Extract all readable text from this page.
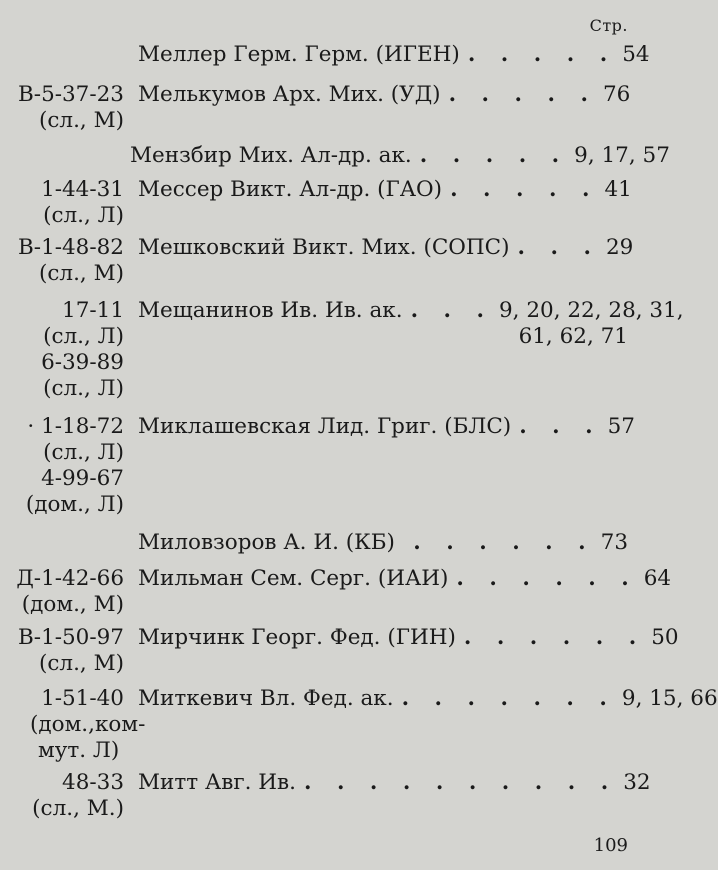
Стр.
Меллер Герм. Герм. (ИГЕН) . . . . . 54
В-5-37-23
(сл., М)
Мелькумов Арх. Мих. (УД) . . . . . 76
Мензбир Мих. Ал-др. ак. . . . . . 9, 17, 57
1-44-31
(сл., Л)
Мессер Викт. Ал-др. (ГАО) . . . . . 41
В-1-48-82
(сл., М)
Мешковский Викт. Мих. (СОПС) . . . 29
17-11
(сл., Л)
6-39-89
(сл., Л)
Мещанинов Ив. Ив. ак. . . . 9, 20, 22, 28, 31,
61, 62, 71
· 1-18-72
(сл., Л)
4-99-67
(дом., Л)
Миклашевская Лид. Григ. (БЛС) . . . 57
Миловзоров А. И. (КБ) . . . . . . 73
Д-1-42-66
(дом., М)
Мильман Сем. Серг. (ИАИ) . . . . . . 64
В-1-50-97
(сл., М)
Мирчинк Георг. Фед. (ГИН) . . . . . . 50
1-51-40
(дом.,ком-
мут. Л)
Миткевич Вл. Фед. ак. . . . . . . . 9, 15, 66
48-33
(сл., М.)
Митт Авг. Ив. . . . . . . . . . . 32
109
